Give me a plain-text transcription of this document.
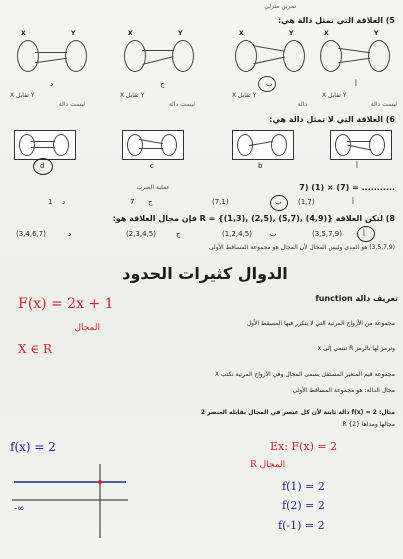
تمرين منزلي
5) العلاقة التي تمثل دالة هي:
X	Y
X	Y
X	Y
X	Y
أ
ب
ج
د
X تقابل Y
X تقابل Y
X تقابل Y
X تقابل Y
ليست دالة
دالة
ليست دالة
ليست دالة
6) العلاقة التي لا تمثل دالة هي:
أ
b
c
d
7) (1) × (7) = ...........
عملية الضرب
أ
(1,7)
ب
(7,1)
ج
7
د
1
8) لتكن العلاقة R = {(1,3), (2,5), (5,7), (4,9)} فإن مجال العلاقة هو:
أ
(3,5,7,9)
ب
(1,2,4,5)
ج
(2,3,4,5)
د
(3,4,6,7)
(3,5,7,9) هو المدى وليس المجال لأن المجال هو مجموعة المساقط الأولى
الدوال كثيرات الحدود
تعريف دالة function
مجموعة من الأزواج المرتبة التي لا يتكرر فيها المسقط الأول
x تنتمي إلى R ونرمز لها بالرمز
X مجموعة قيم المتغير المستقل يسمى المجال وفي الأزواج المرتبة نكتب
مجال الدالة: هو مجموعة المساقط الأولى
مثال: f(x) = 2 دالة ثابتة لأن كل عنصر في المجال يقابله العنصر 2
R مجالها ومداها {2}
F(x) = 2x + 1
المجال
X ∈ R
f(x) = 2
-∞
Ex: F(x) = 2
R المجال
f(1) = 2
f(2) = 2
f(-1) = 2
